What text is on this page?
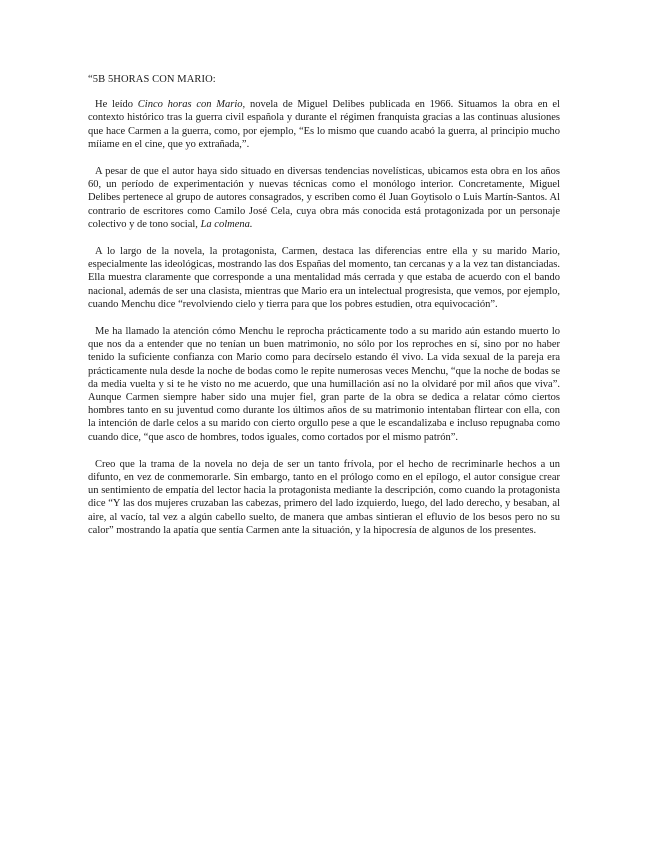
“5B 5HORAS CON MARIO:

He leído Cinco horas con Mario, novela de Miguel Delibes publicada en 1966. Situamos la obra en el contexto histórico tras la guerra civil española y durante el régimen franquista gracias a las continuas alusiones que hace Carmen a la guerra, como, por ejemplo, “Es lo mismo que cuando acabó la guerra, al principio mucho míiame en el cine, que yo extrañada,”.

A pesar de que el autor haya sido situado en diversas tendencias novelísticas, ubicamos esta obra en los años 60, un período de experimentación y nuevas técnicas como el monólogo interior. Concretamente, Miguel Delibes pertenece al grupo de autores consagrados, y escriben como él Juan Goytisolo o Luis Martín-Santos. Al contrario de escritores como Camilo José Cela, cuya obra más conocida está protagonizada por un personaje colectivo y de tono social, La colmena.

A lo largo de la novela, la protagonista, Carmen, destaca las diferencias entre ella y su marido Mario, especialmente las ideológicas, mostrando las dos Españas del momento, tan cercanas y a la vez tan distanciadas. Ella muestra claramente que corresponde a una mentalidad más cerrada y que estaba de acuerdo con el bando nacional, además de ser una clasista, mientras que Mario era un intelectual progresista, que vemos, por ejemplo, cuando Menchu dice “revolviendo cielo y tierra para que los pobres estudien, otra equivocación”.

Me ha llamado la atención cómo Menchu le reprocha prácticamente todo a su marido aún estando muerto lo que nos da a entender que no tenían un buen matrimonio, no sólo por los reproches en sí, sino por no haber tenido la suficiente confianza con Mario como para decírselo estando él vivo. La vida sexual de la pareja era prácticamente nula desde la noche de bodas como le repite numerosas veces Menchu, “que la noche de bodas se da media vuelta y si te he visto no me acuerdo, que una humillación así no la olvidaré por mil años que viva”. Aunque Carmen siempre haber sido una mujer fiel, gran parte de la obra se dedica a relatar cómo ciertos hombres tanto en su juventud como durante los últimos años de su matrimonio intentaban flirtear con ella, con la intención de darle celos a su marido con cierto orgullo pese a que le escandalizaba e incluso repugnaba como cuando dice, “que asco de hombres, todos iguales, como cortados por el mismo patrón”.

Creo que la trama de la novela no deja de ser un tanto frívola, por el hecho de recriminarle hechos a un difunto, en vez de conmemorarle. Sin embargo, tanto en el prólogo como en el epílogo, el autor consigue crear un sentimiento de empatía del lector hacia la protagonista mediante la descripción, como cuando la protagonista dice “Y las dos mujeres cruzaban las cabezas, primero del lado izquierdo, luego, del lado derecho, y besaban, al aire, al vacío, tal vez a algún cabello suelto, de manera que ambas sintieran el efluvio de los besos pero no su calor” mostrando la apatía que sentía Carmen ante la situación, y la hipocresía de algunos de los presentes.
